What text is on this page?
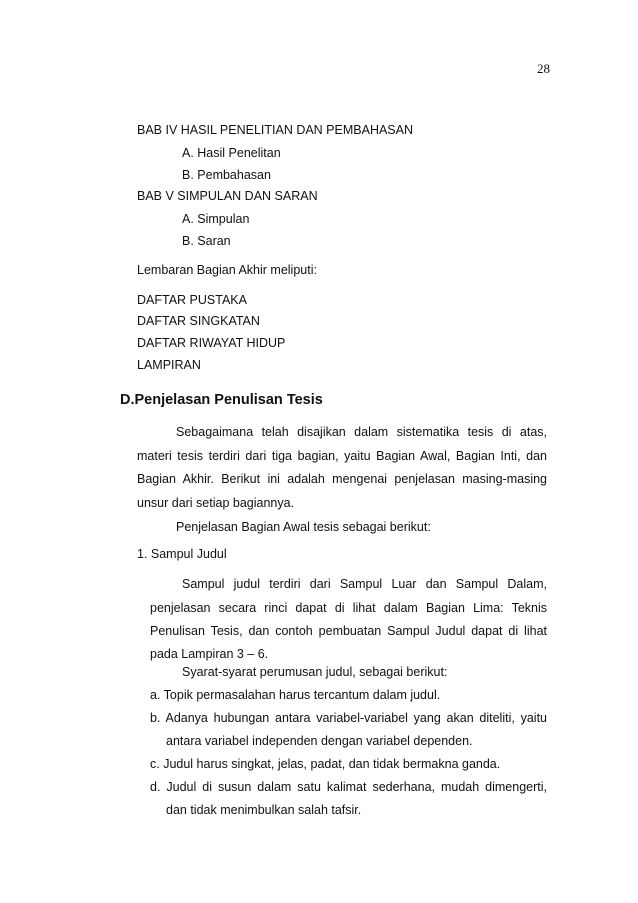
28
BAB IV HASIL PENELITIAN DAN PEMBAHASAN
A. Hasil Penelitan
B. Pembahasan
BAB V SIMPULAN DAN SARAN
A. Simpulan
B. Saran
Lembaran Bagian Akhir meliputi:
DAFTAR PUSTAKA
DAFTAR SINGKATAN
DAFTAR RIWAYAT HIDUP
LAMPIRAN
D.Penjelasan Penulisan Tesis
Sebagaimana telah disajikan dalam sistematika tesis di atas,
materi tesis terdiri dari tiga bagian, yaitu Bagian Awal, Bagian Inti, dan
Bagian Akhir. Berikut ini adalah mengenai penjelasan masing-masing
unsur dari setiap bagiannya.
Penjelasan Bagian Awal tesis sebagai berikut:
1. Sampul Judul
Sampul judul terdiri dari Sampul Luar dan Sampul Dalam,
penjelasan secara rinci dapat di lihat dalam Bagian Lima: Teknis
Penulisan Tesis, dan contoh pembuatan Sampul Judul dapat di lihat
pada Lampiran 3 – 6.
Syarat-syarat perumusan judul, sebagai berikut:
a. Topik permasalahan harus tercantum dalam judul.
b. Adanya hubungan antara variabel-variabel yang akan diteliti, yaitu
antara variabel independen dengan variabel dependen.
c. Judul harus singkat, jelas, padat, dan tidak bermakna ganda.
d. Judul di susun dalam satu kalimat sederhana, mudah dimengerti,
dan tidak menimbulkan salah tafsir.
